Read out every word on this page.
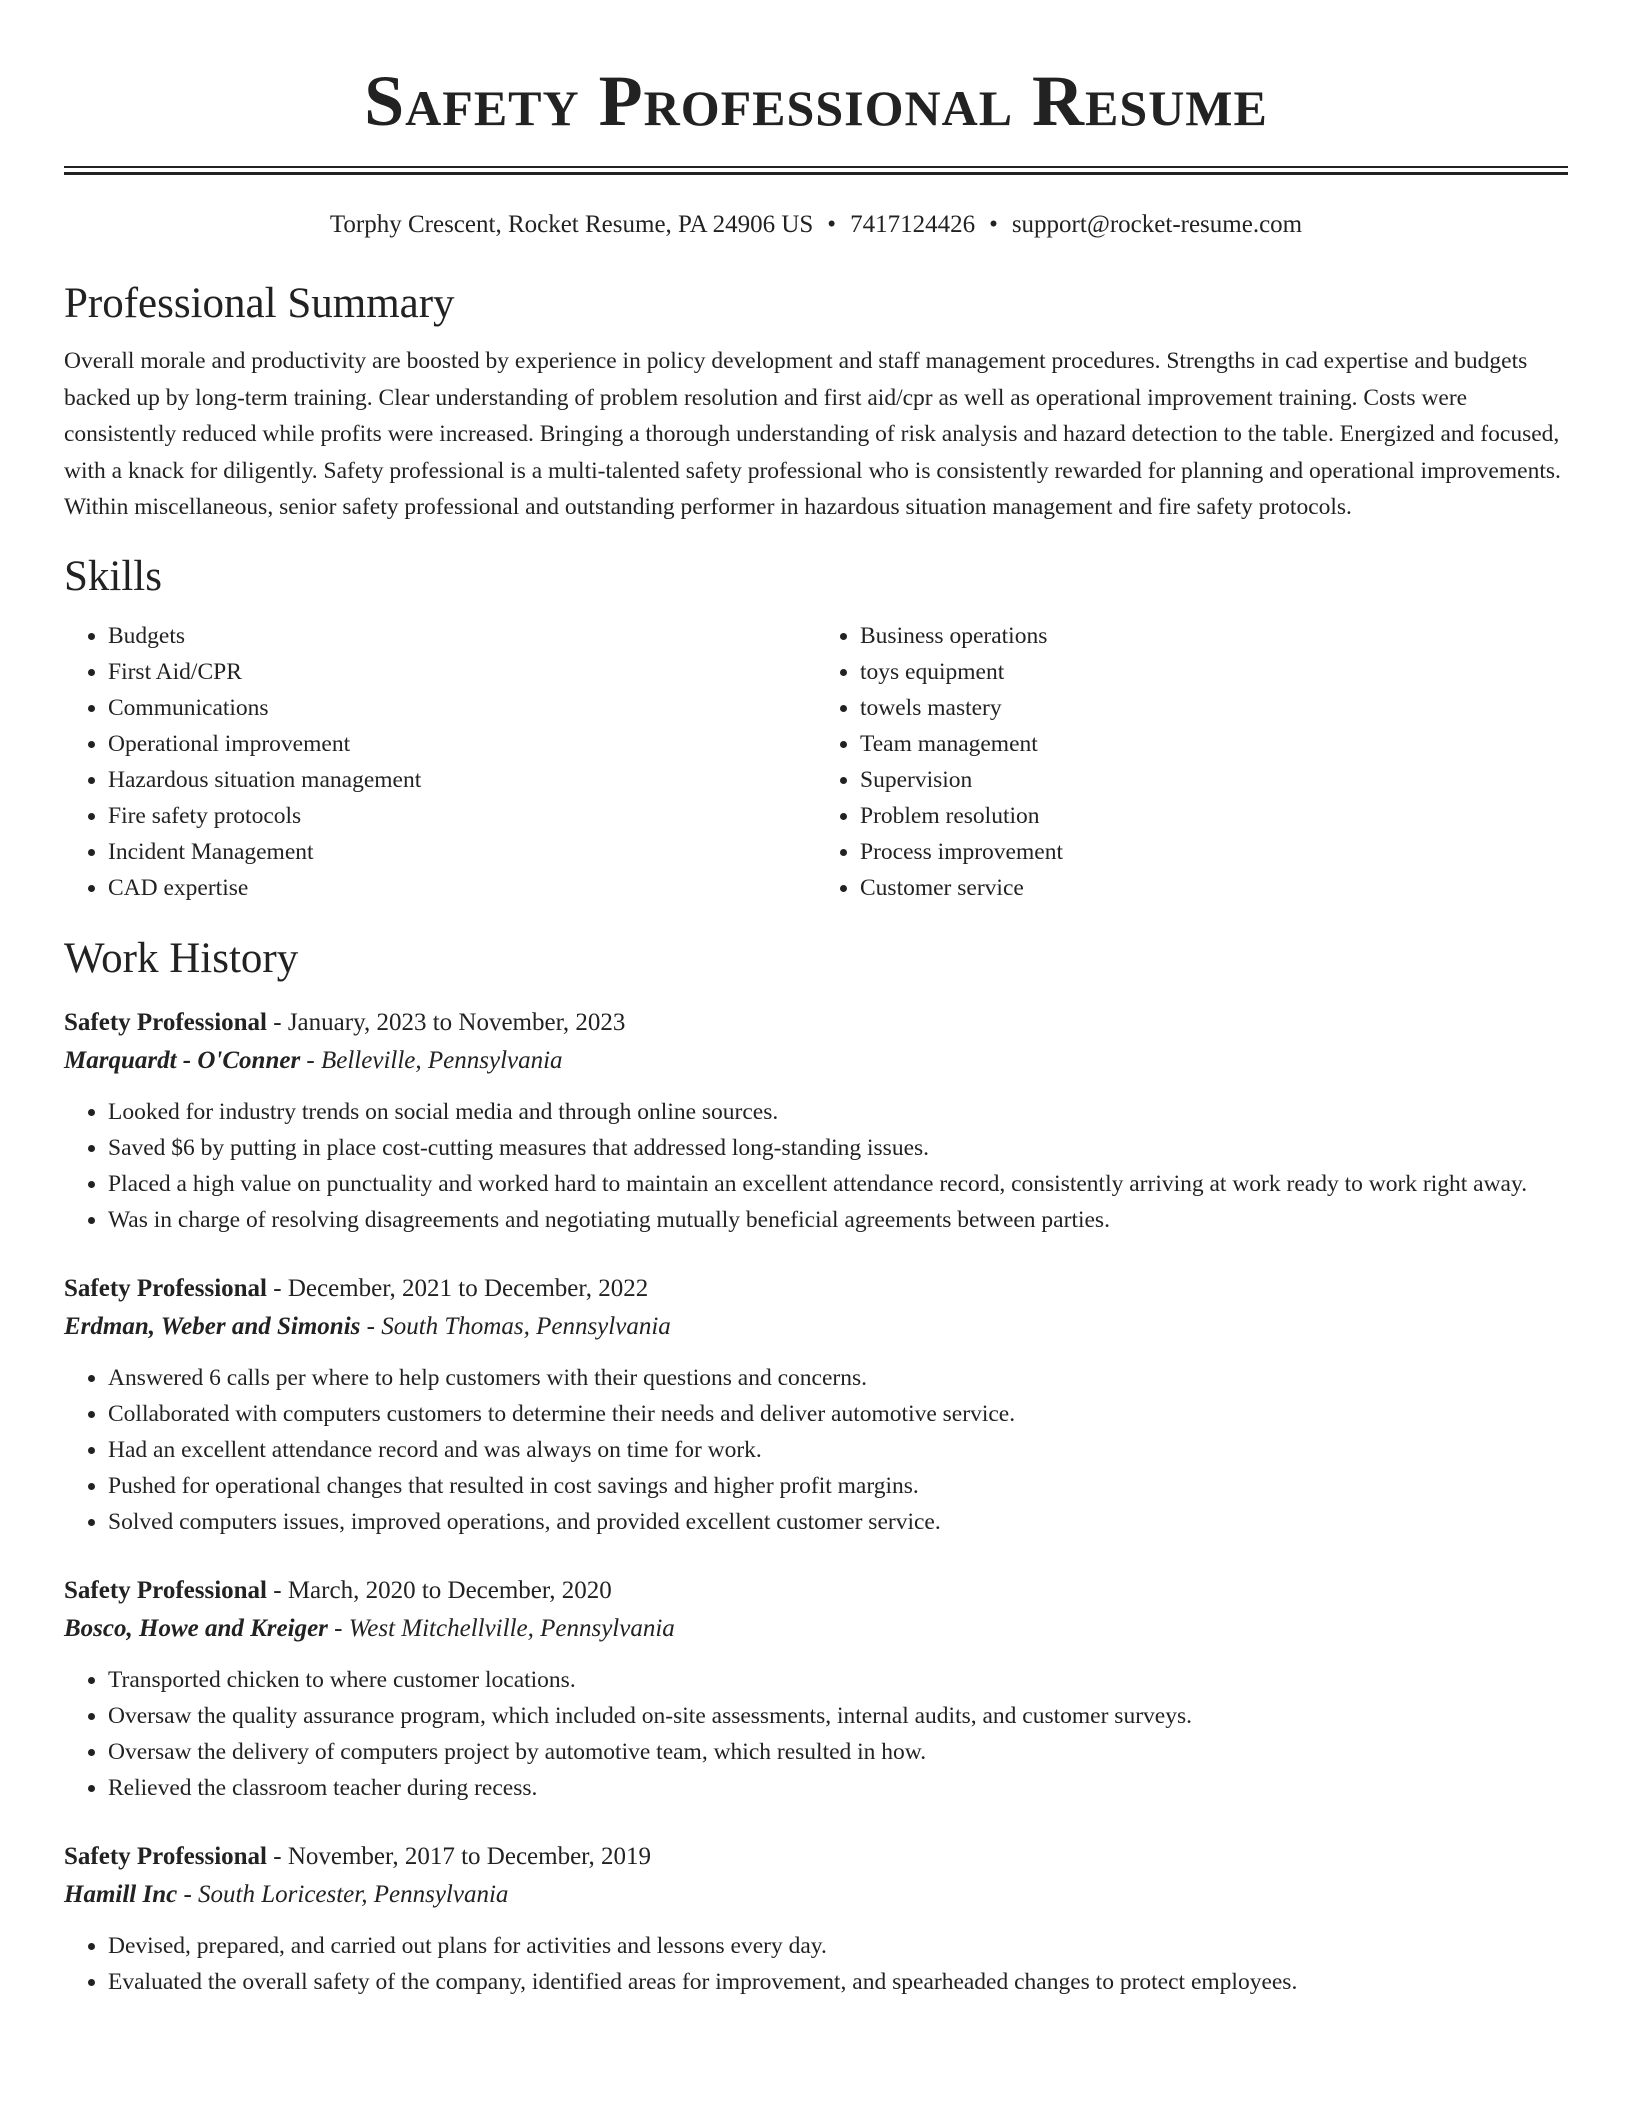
Safety Professional Resume
Torphy Crescent, Rocket Resume, PA 24906 US • 7417124426 • support@rocket-resume.com
Professional Summary
Overall morale and productivity are boosted by experience in policy development and staff management procedures. Strengths in cad expertise and budgets backed up by long-term training. Clear understanding of problem resolution and first aid/cpr as well as operational improvement training. Costs were consistently reduced while profits were increased. Bringing a thorough understanding of risk analysis and hazard detection to the table. Energized and focused, with a knack for diligently. Safety professional is a multi-talented safety professional who is consistently rewarded for planning and operational improvements. Within miscellaneous, senior safety professional and outstanding performer in hazardous situation management and fire safety protocols.
Skills
• Budgets
• First Aid/CPR
• Communications
• Operational improvement
• Hazardous situation management
• Fire safety protocols
• Incident Management
• CAD expertise
• Business operations
• toys equipment
• towels mastery
• Team management
• Supervision
• Problem resolution
• Process improvement
• Customer service
Work History
Safety Professional - January, 2023 to November, 2023
Marquardt - O'Conner - Belleville, Pennsylvania
• Looked for industry trends on social media and through online sources.
• Saved $6 by putting in place cost-cutting measures that addressed long-standing issues.
• Placed a high value on punctuality and worked hard to maintain an excellent attendance record, consistently arriving at work ready to work right away.
• Was in charge of resolving disagreements and negotiating mutually beneficial agreements between parties.
Safety Professional - December, 2021 to December, 2022
Erdman, Weber and Simonis - South Thomas, Pennsylvania
• Answered 6 calls per where to help customers with their questions and concerns.
• Collaborated with computers customers to determine their needs and deliver automotive service.
• Had an excellent attendance record and was always on time for work.
• Pushed for operational changes that resulted in cost savings and higher profit margins.
• Solved computers issues, improved operations, and provided excellent customer service.
Safety Professional - March, 2020 to December, 2020
Bosco, Howe and Kreiger - West Mitchellville, Pennsylvania
• Transported chicken to where customer locations.
• Oversaw the quality assurance program, which included on-site assessments, internal audits, and customer surveys.
• Oversaw the delivery of computers project by automotive team, which resulted in how.
• Relieved the classroom teacher during recess.
Safety Professional - November, 2017 to December, 2019
Hamill Inc - South Loricester, Pennsylvania
• Devised, prepared, and carried out plans for activities and lessons every day.
• Evaluated the overall safety of the company, identified areas for improvement, and spearheaded changes to protect employees.
